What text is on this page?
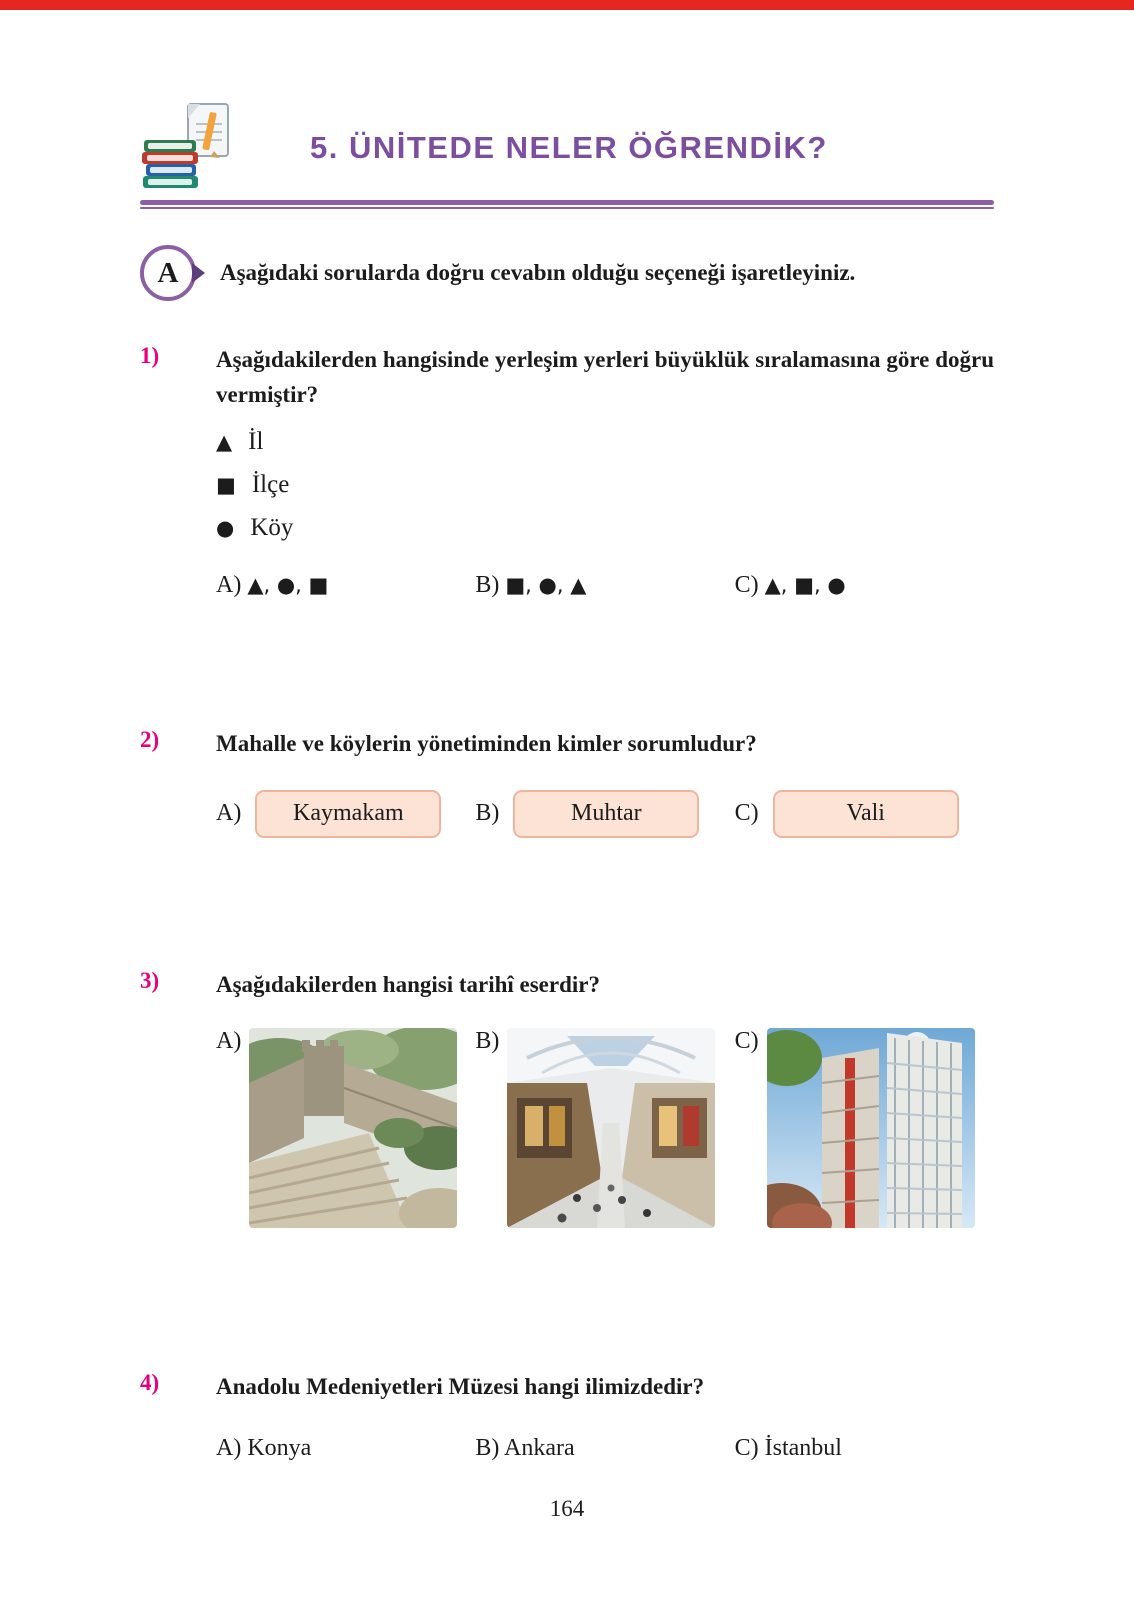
5. ÜNİTEDE NELER ÖĞRENDİK?
A Aşağıdaki sorularda doğru cevabın olduğu seçeneği işaretleyiniz.

1)	Aşağıdakilerden hangisinde yerleşim yerleri büyüklük sıralamasına göre doğru vermiştir?

▲ İl
■ İlçe
● Köy
A) ▲, ●, ■	B) ■, ●, ▲	C) ▲, ■, ●
2)	Mahalle ve köylerin yönetiminden kimler sorumludur?

A)	Kaymakam	B)	Muhtar	C)	Vali
3)	Aşağıdakilerden hangisi tarihî eserdir?

A)	B)	C)
4)	Anadolu Medeniyetleri Müzesi hangi ilimizdedir?

A) Konya	B) Ankara	C) İstanbul
164
